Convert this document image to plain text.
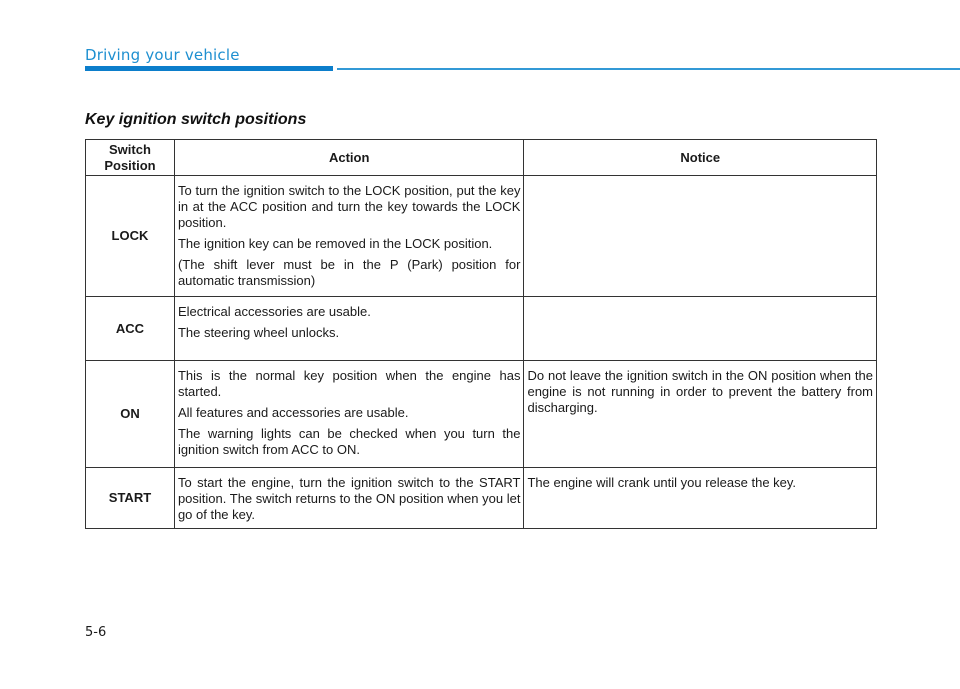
Driving your vehicle
Key ignition switch positions
Switch
Position	Action	Notice
LOCK	To turn the ignition switch to the LOCK position, put the key in at the ACC position and turn the key towards the LOCK position.

The ignition key can be removed in the LOCK position.

(The shift lever must be in the P (Park) position for automatic transmission)	

ACC	Electrical accessories are usable.

The steering wheel unlocks.	

ON	This is the normal key position when the engine has started.

All features and accessories are usable.

The warning lights can be checked when you turn the ignition switch from ACC to ON.	Do not leave the ignition switch in the ON position when the engine is not running in order to prevent the battery from discharging.

START	To start the engine, turn the ignition switch to the START position. The switch returns to the ON position when you let go of the key.	The engine will crank until you release the key.

5-6
